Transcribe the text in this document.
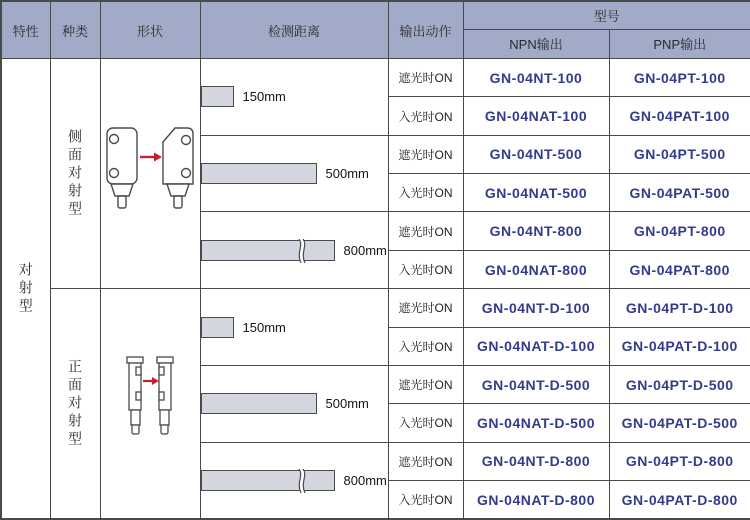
特性	种类	形状	检测距离	输出动作	型号	
					NPN输出	PNP输出

对射型	侧面对射型		150mm	遮光时ON	GN-04NT-100	GN-04PT-100
				入光时ON	GN-04NAT-100	GN-04PAT-100

			500mm	遮光时ON	GN-04NT-500	GN-04PT-500
				入光时ON	GN-04NAT-500	GN-04PAT-500

			800mm	遮光时ON	GN-04NT-800	GN-04PT-800
				入光时ON	GN-04NAT-800	GN-04PAT-800

	正面对射型		150mm	遮光时ON	GN-04NT-D-100	GN-04PT-D-100
				入光时ON	GN-04NAT-D-100	GN-04PAT-D-100

			500mm	遮光时ON	GN-04NT-D-500	GN-04PT-D-500
				入光时ON	GN-04NAT-D-500	GN-04PAT-D-500

			800mm	遮光时ON	GN-04NT-D-800	GN-04PT-D-800
				入光时ON	GN-04NAT-D-800	GN-04PAT-D-800
